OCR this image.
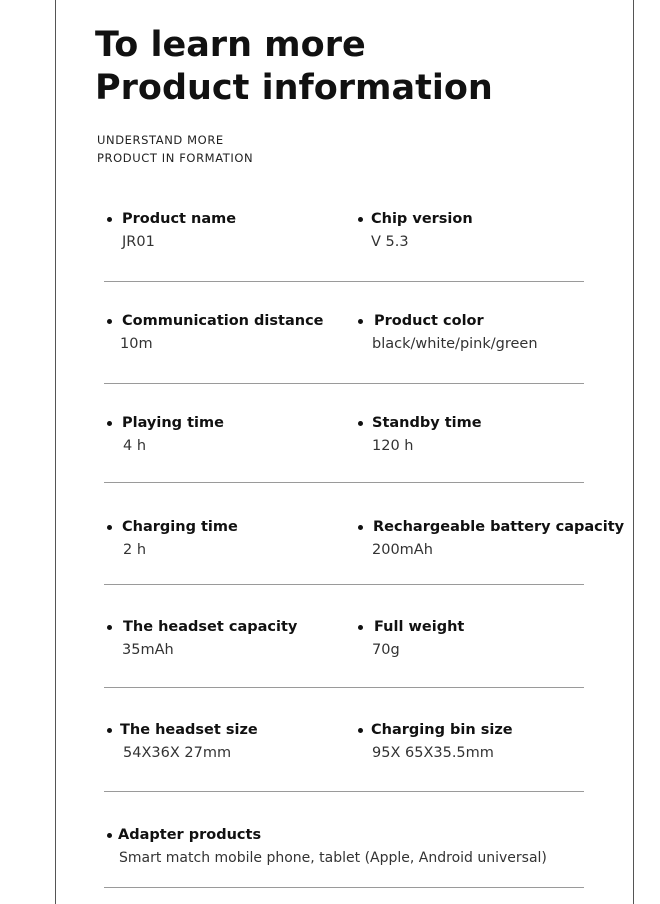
To learn more
Product information
UNDERSTAND MORE
PRODUCT IN FORMATION
Product name
JR01
Chip version
V 5.3
Communication distance
10m
Product color
black/white/pink/green
Playing time
4 h
Standby time
120 h
Charging time
2 h
Rechargeable battery capacity
200mAh
The headset capacity
35mAh
Full weight
70g
The headset size
54X36X 27mm
Charging bin size
95X 65X35.5mm
Adapter products
Smart match mobile phone, tablet (Apple, Android universal)
